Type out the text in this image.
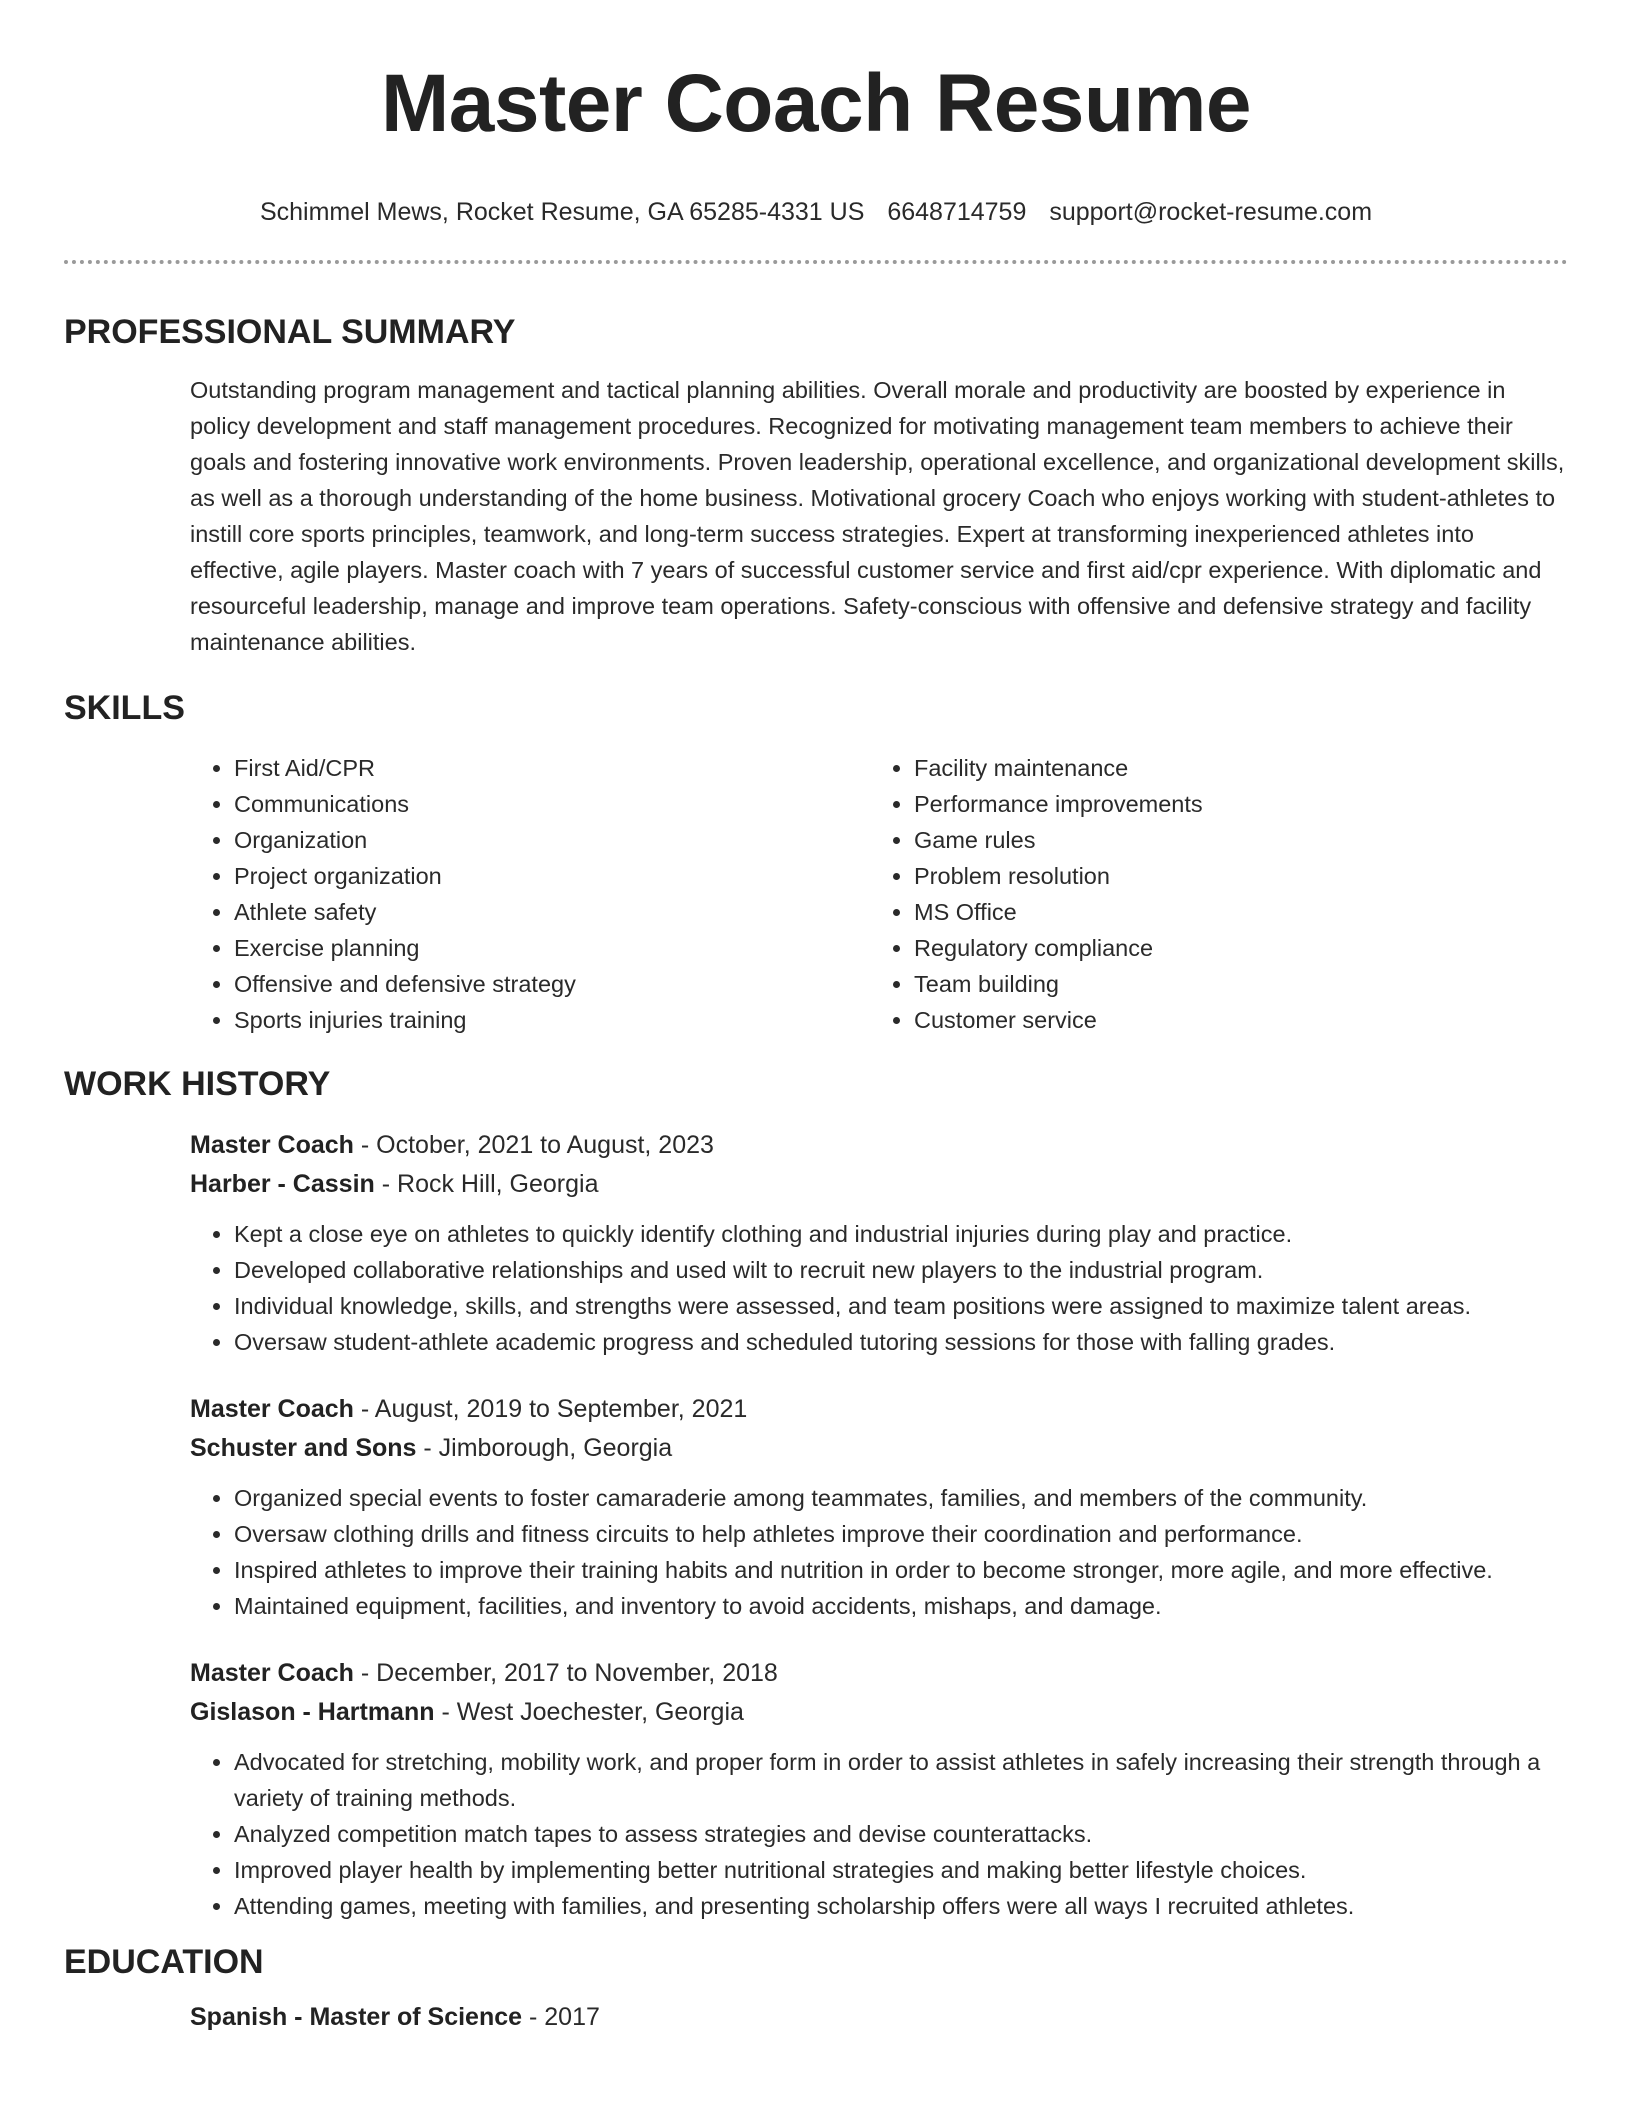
Master Coach Resume
Schimmel Mews, Rocket Resume, GA 65285-4331 US 6648714759 support@rocket-resume.com
PROFESSIONAL SUMMARY
Outstanding program management and tactical planning abilities. Overall morale and productivity are boosted by experience in policy development and staff management procedures. Recognized for motivating management team members to achieve their goals and fostering innovative work environments. Proven leadership, operational excellence, and organizational development skills, as well as a thorough understanding of the home business. Motivational grocery Coach who enjoys working with student-athletes to instill core sports principles, teamwork, and long-term success strategies. Expert at transforming inexperienced athletes into effective, agile players. Master coach with 7 years of successful customer service and first aid/cpr experience. With diplomatic and resourceful leadership, manage and improve team operations. Safety-conscious with offensive and defensive strategy and facility maintenance abilities.
SKILLS
• First Aid/CPR
• Communications
• Organization
• Project organization
• Athlete safety
• Exercise planning
• Offensive and defensive strategy
• Sports injuries training
• Facility maintenance
• Performance improvements
• Game rules
• Problem resolution
• MS Office
• Regulatory compliance
• Team building
• Customer service
WORK HISTORY
Master Coach - October, 2021 to August, 2023
Harber - Cassin - Rock Hill, Georgia
• Kept a close eye on athletes to quickly identify clothing and industrial injuries during play and practice.
• Developed collaborative relationships and used wilt to recruit new players to the industrial program.
• Individual knowledge, skills, and strengths were assessed, and team positions were assigned to maximize talent areas.
• Oversaw student-athlete academic progress and scheduled tutoring sessions for those with falling grades.
Master Coach - August, 2019 to September, 2021
Schuster and Sons - Jimborough, Georgia
• Organized special events to foster camaraderie among teammates, families, and members of the community.
• Oversaw clothing drills and fitness circuits to help athletes improve their coordination and performance.
• Inspired athletes to improve their training habits and nutrition in order to become stronger, more agile, and more effective.
• Maintained equipment, facilities, and inventory to avoid accidents, mishaps, and damage.
Master Coach - December, 2017 to November, 2018
Gislason - Hartmann - West Joechester, Georgia
• Advocated for stretching, mobility work, and proper form in order to assist athletes in safely increasing their strength through a variety of training methods.
• Analyzed competition match tapes to assess strategies and devise counterattacks.
• Improved player health by implementing better nutritional strategies and making better lifestyle choices.
• Attending games, meeting with families, and presenting scholarship offers were all ways I recruited athletes.
EDUCATION
Spanish - Master of Science - 2017
